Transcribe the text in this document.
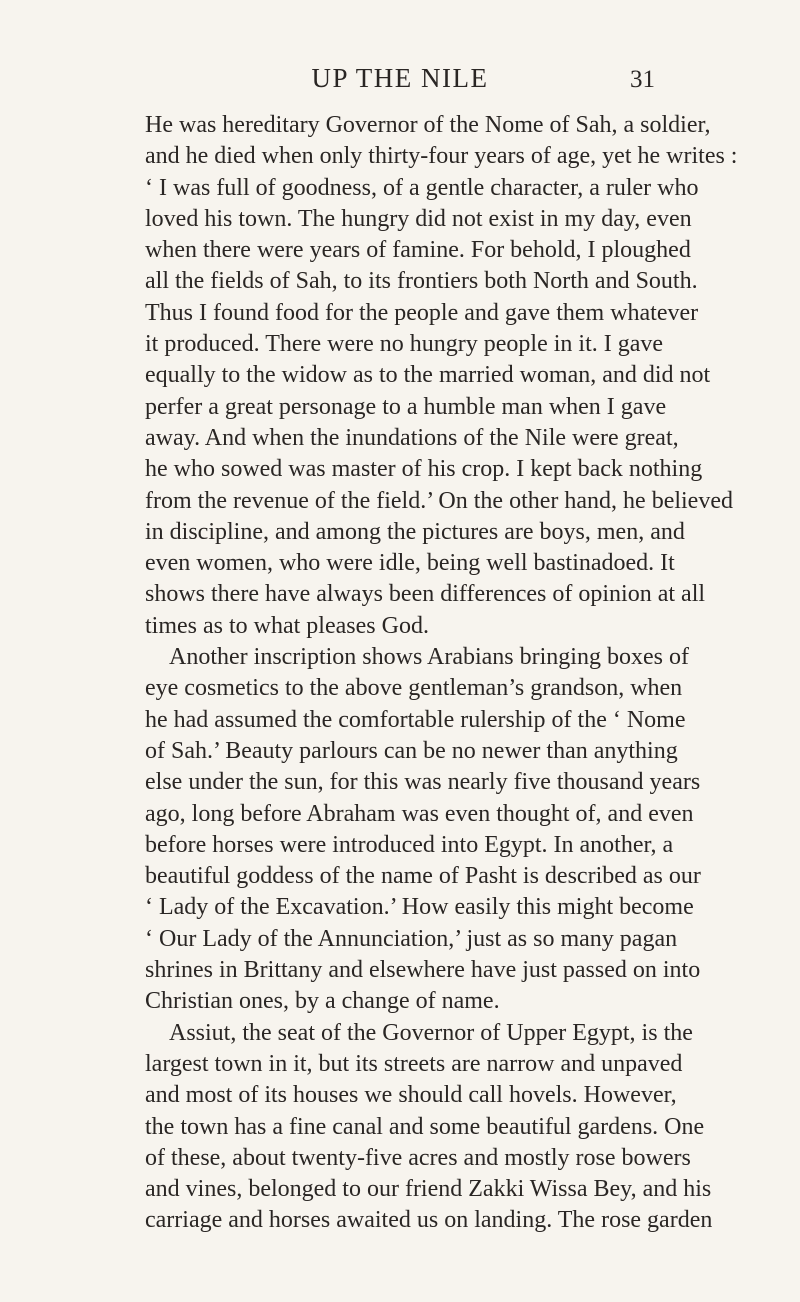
UP THE NILE	31
He was hereditary Governor of the Nome of Sah, a soldier,
and he died when only thirty-four years of age, yet he writes :
‘ I was full of goodness, of a gentle character, a ruler who
loved his town. The hungry did not exist in my day, even
when there were years of famine. For behold, I ploughed
all the fields of Sah, to its frontiers both North and South.
Thus I found food for the people and gave them whatever
it produced. There were no hungry people in it. I gave
equally to the widow as to the married woman, and did not
perfer a great personage to a humble man when I gave
away. And when the inundations of the Nile were great,
he who sowed was master of his crop. I kept back nothing
from the revenue of the field.’ On the other hand, he believed
in discipline, and among the pictures are boys, men, and
even women, who were idle, being well bastinadoed. It
shows there have always been differences of opinion at all
times as to what pleases God.
Another inscription shows Arabians bringing boxes of
eye cosmetics to the above gentleman’s grandson, when
he had assumed the comfortable rulership of the ‘ Nome
of Sah.’ Beauty parlours can be no newer than anything
else under the sun, for this was nearly five thousand years
ago, long before Abraham was even thought of, and even
before horses were introduced into Egypt. In another, a
beautiful goddess of the name of Pasht is described as our
‘ Lady of the Excavation.’ How easily this might become
‘ Our Lady of the Annunciation,’ just as so many pagan
shrines in Brittany and elsewhere have just passed on into
Christian ones, by a change of name.
Assiut, the seat of the Governor of Upper Egypt, is the
largest town in it, but its streets are narrow and unpaved
and most of its houses we should call hovels. However,
the town has a fine canal and some beautiful gardens. One
of these, about twenty-five acres and mostly rose bowers
and vines, belonged to our friend Zakki Wissa Bey, and his
carriage and horses awaited us on landing. The rose garden
